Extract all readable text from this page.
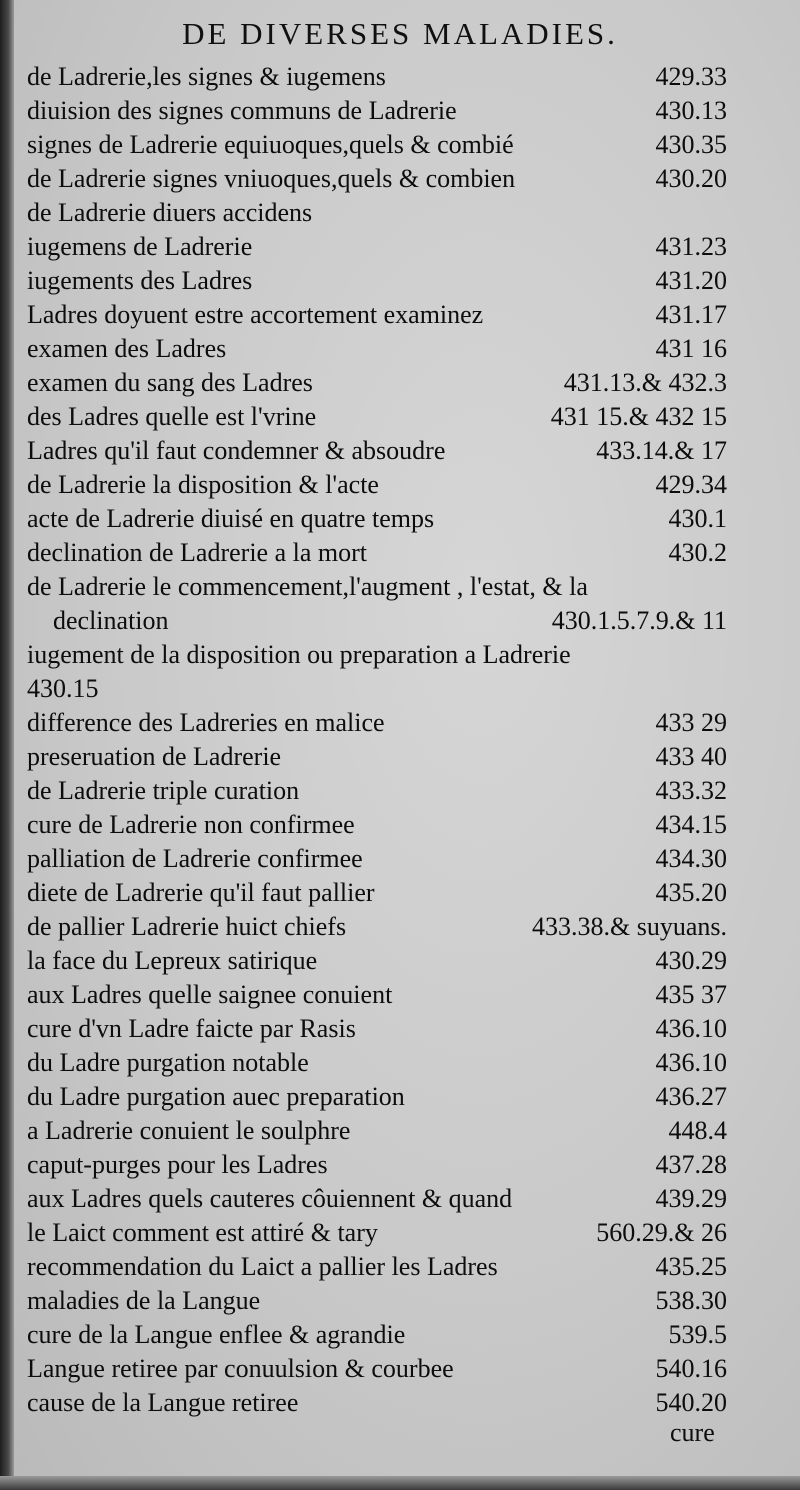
DE DIVERSES MALADIES.
de Ladrerie,les signes & iugemens	429.33
diuision des signes communs de Ladrerie	430.13
signes de Ladrerie equiuoques,quels & combié	430.35
de Ladrerie signes vniuoques,quels & combien	430.20
de Ladrerie diuers accidens
iugemens de Ladrerie	431.23
iugements des Ladres	431.20
Ladres doyuent estre accortement examinez	431.17
examen des Ladres	431 16
examen du sang des Ladres	431.13.& 432.3
des Ladres quelle est l'vrine	431 15.& 432 15
Ladres qu'il faut condemner & absoudre	433.14.& 17
de Ladrerie la disposition & l'acte	429.34
acte de Ladrerie diuisé en quatre temps	430.1
declination de Ladrerie a la mort	430.2
de Ladrerie le commencement,l'augment , l'estat, & la
declination	430.1.5.7.9.& 11
iugement de la disposition ou preparation a Ladrerie
430.15
difference des Ladreries en malice	433 29
preseruation de Ladrerie	433 40
de Ladrerie triple curation	433.32
cure de Ladrerie non confirmee	434.15
palliation de Ladrerie confirmee	434.30
diete de Ladrerie qu'il faut pallier	435.20
de pallier Ladrerie huict chiefs	433.38.& suyuans.
la face du Lepreux satirique	430.29
aux Ladres quelle saignee conuient	435 37
cure d'vn Ladre faicte par Rasis	436.10
du Ladre purgation notable	436.10
du Ladre purgation auec preparation	436.27
a Ladrerie conuient le soulphre	448.4
caput-purges pour les Ladres	437.28
aux Ladres quels cauteres côuiennent & quand	439.29
le Laict comment est attiré & tary	560.29.& 26
recommendation du Laict a pallier les Ladres	435.25
maladies de la Langue	538.30
cure de la Langue enflee & agrandie	539.5
Langue retiree par conuulsion & courbee	540.16
cause de la Langue retiree	540.20
cure
